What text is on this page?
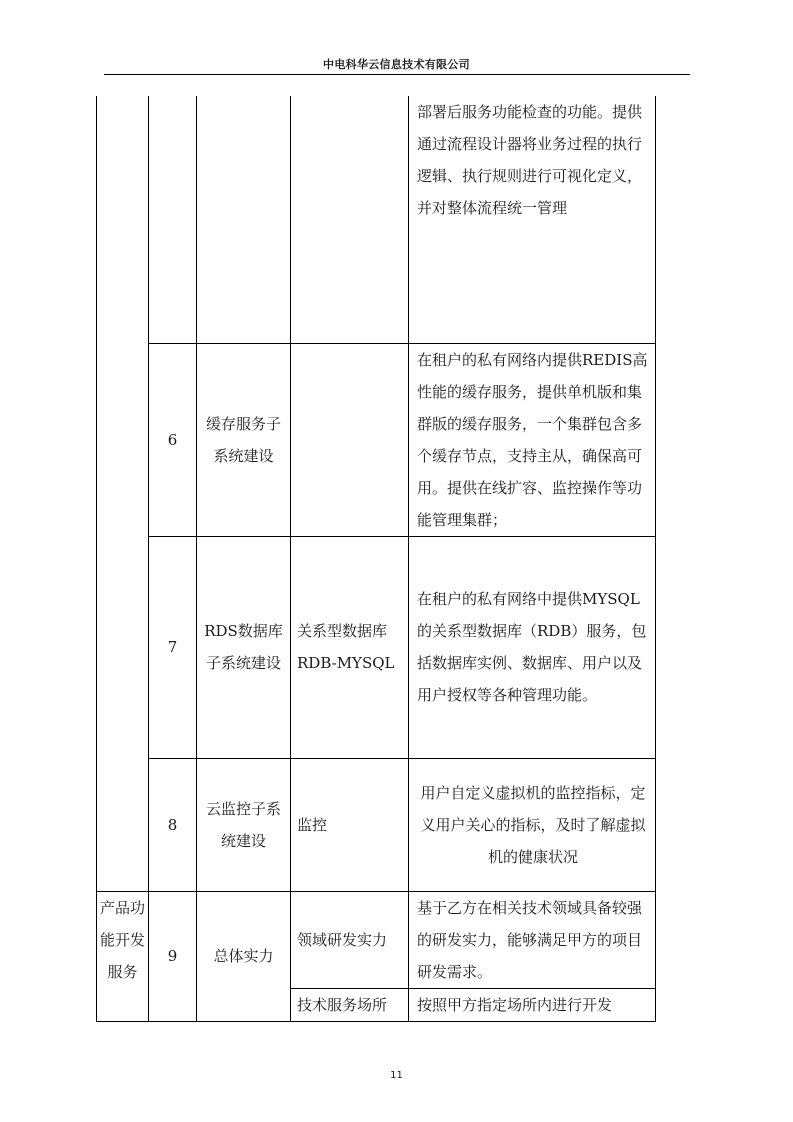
中电科华云信息技术有限公司
				部署后服务功能检查的功能。提供通过流程设计器将业务过程的执行逻辑、执行规则进行可视化定义，并对整体流程统一管理
	6	缓存服务子系统建设		在租户的私有网络内提供REDIS高性能的缓存服务，提供单机版和集群版的缓存服务，一个集群包含多个缓存节点，支持主从，确保高可用。提供在线扩容、监控操作等功能管理集群；
	7	RDS数据库子系统建设	关系型数据库RDB-MYSQL	在租户的私有网络中提供MYSQL的关系型数据库（RDB）服务，包括数据库实例、数据库、用户以及用户授权等各种管理功能。
	8	云监控子系统建设	监控	用户自定义虚拟机的监控指标，定义用户关心的指标，及时了解虚拟机的健康状况
产品功能开发服务	9	总体实力	领域研发实力	基于乙方在相关技术领域具备较强的研发实力，能够满足甲方的项目研发需求。
			技术服务场所	按照甲方指定场所内进行开发
11
